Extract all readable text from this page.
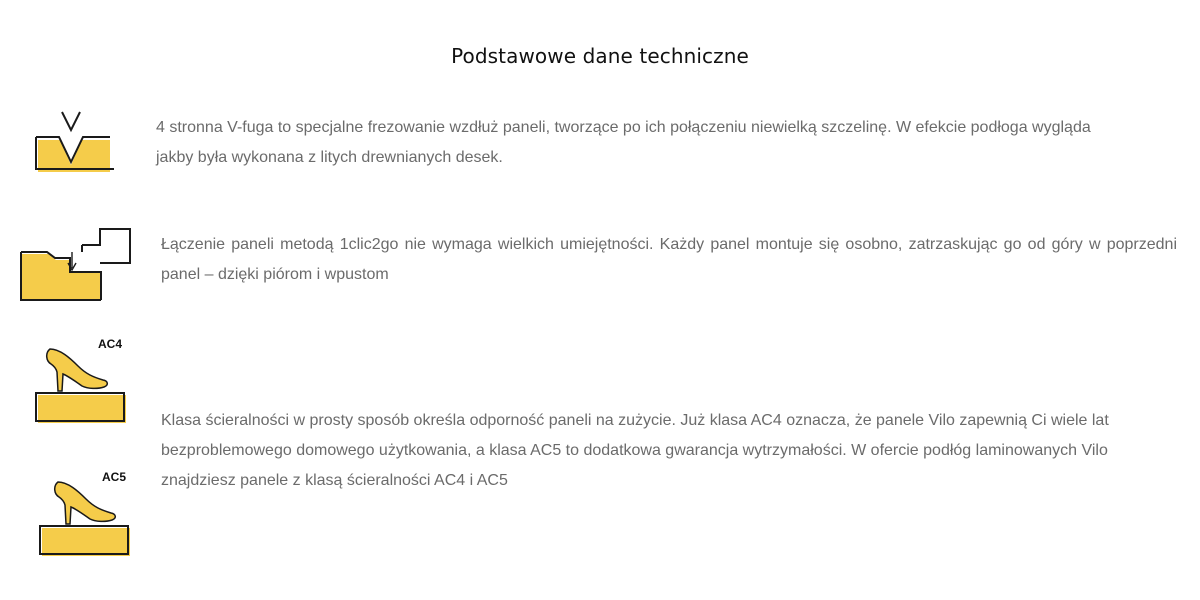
Podstawowe dane techniczne
4 stronna V-fuga to specjalne frezowanie wzdłuż paneli, tworzące po ich połączeniu niewielką szczelinę. W efekcie podłoga wygląda jakby była wykonana z litych drewnianych desek.
Łączenie paneli metodą 1clic2go nie wymaga wielkich umiejętności. Każdy panel montuje się osobno, zatrzaskując go od góry w poprzedni panel – dzięki piórom i wpustom
AC4
AC5
Klasa ścieralności w prosty sposób określa odporność paneli na zużycie. Już klasa AC4 oznacza, że panele Vilo zapewnią Ci wiele lat bezproblemowego domowego użytkowania, a klasa AC5 to dodatkowa gwarancja wytrzymałości. W ofercie podłóg laminowanych Vilo znajdziesz panele z klasą ścieralności AC4 i AC5
